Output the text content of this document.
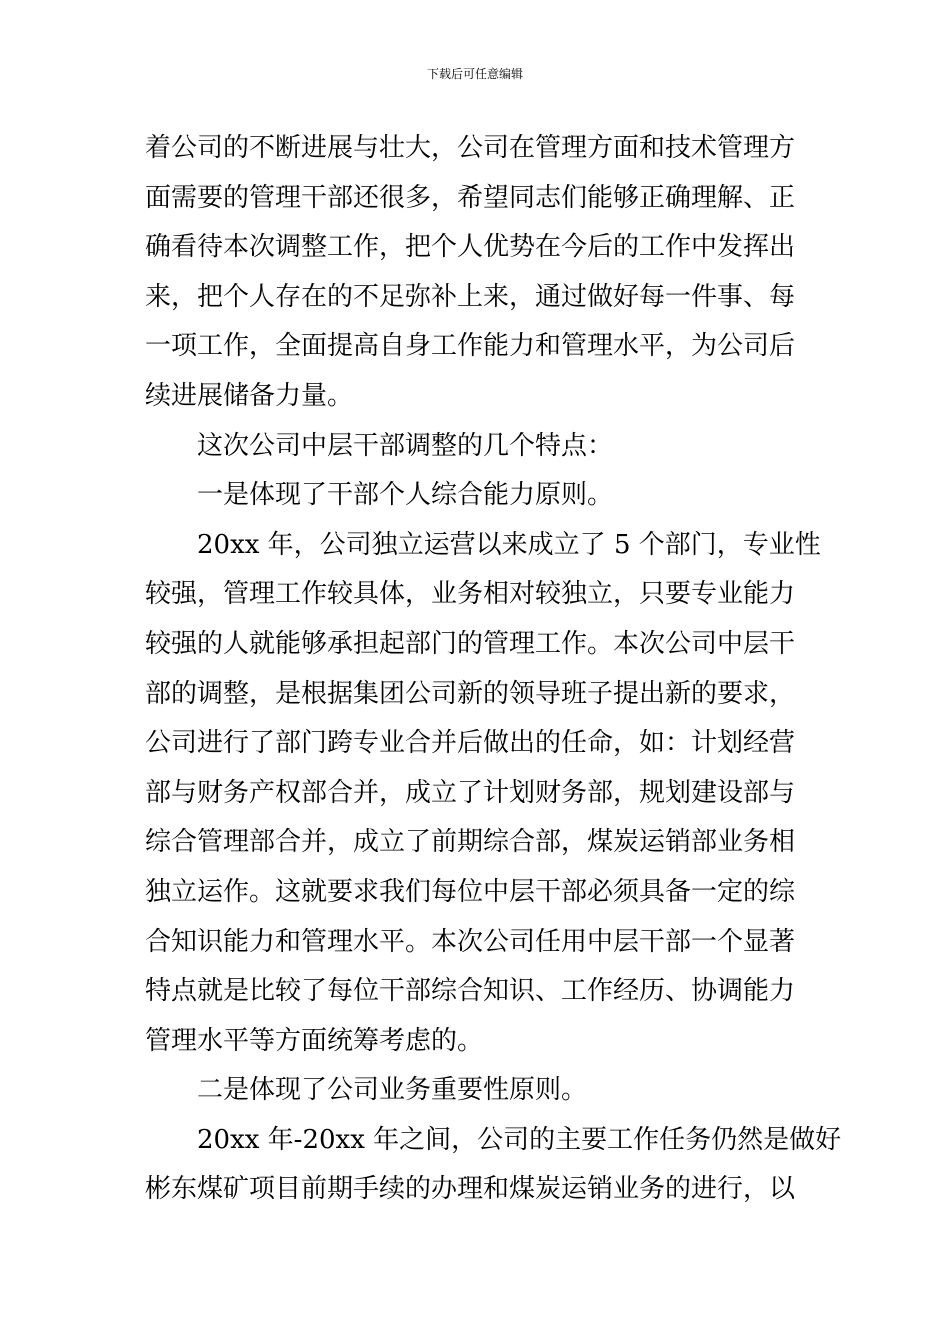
下载后可任意编辑
着公司的不断进展与壮大，公司在管理方面和技术管理方
面需要的管理干部还很多，希望同志们能够正确理解、正
确看待本次调整工作，把个人优势在今后的工作中发挥出
来，把个人存在的不足弥补上来，通过做好每一件事、每
一项工作，全面提高自身工作能力和管理水平，为公司后
续进展储备力量。
这次公司中层干部调整的几个特点：
一是体现了干部个人综合能力原则。
20xx 年，公司独立运营以来成立了 5 个部门，专业性
较强，管理工作较具体，业务相对较独立，只要专业能力
较强的人就能够承担起部门的管理工作。本次公司中层干
部的调整，是根据集团公司新的领导班子提出新的要求，
公司进行了部门跨专业合并后做出的任命，如：计划经营
部与财务产权部合并，成立了计划财务部，规划建设部与
综合管理部合并，成立了前期综合部，煤炭运销部业务相
独立运作。这就要求我们每位中层干部必须具备一定的综
合知识能力和管理水平。本次公司任用中层干部一个显著
特点就是比较了每位干部综合知识、工作经历、协调能力
管理水平等方面统筹考虑的。
二是体现了公司业务重要性原则。
20xx 年-20xx 年之间，公司的主要工作任务仍然是做好
彬东煤矿项目前期手续的办理和煤炭运销业务的进行，以
